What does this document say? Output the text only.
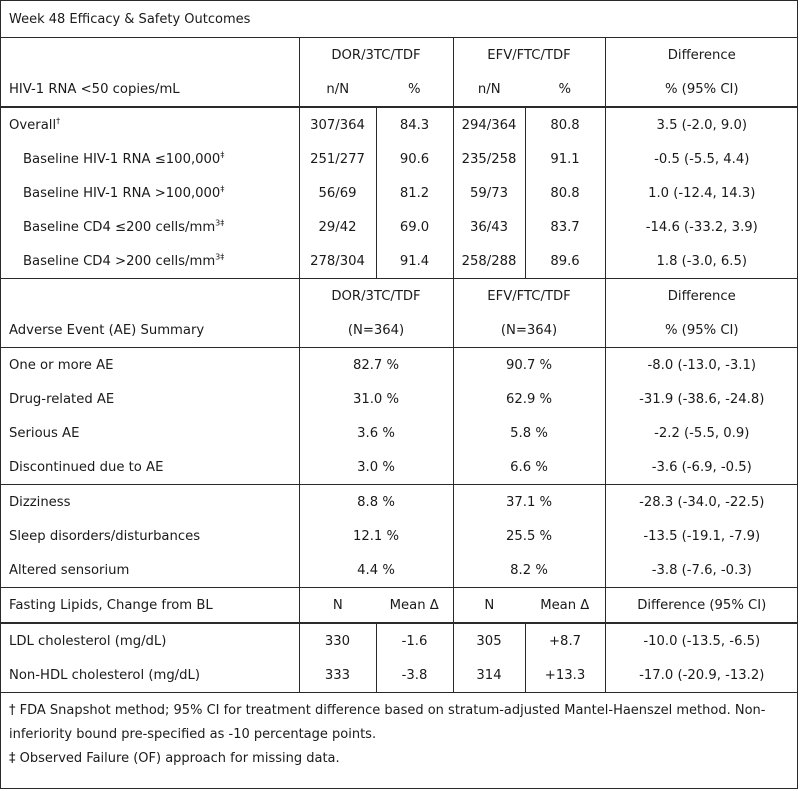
Week 48 Efficacy & Safety Outcomes
	DOR/3TC/TDF		EFV/FTC/TDF		Difference
HIV-1 RNA <50 copies/mL	n/N	%	n/N	%	% (95% CI)
Overall†	307/364	84.3	294/364	80.8	3.5 (-2.0, 9.0)
Baseline HIV-1 RNA ≤100,000‡	251/277	90.6	235/258	91.1	-0.5 (-5.5, 4.4)
Baseline HIV-1 RNA >100,000‡	56/69	81.2	59/73	80.8	1.0 (-12.4, 14.3)
Baseline CD4 ≤200 cells/$mm^{3\ddagger}$	29/42	69.0	36/43	83.7	-14.6 (-33.2, 3.9)
Baseline CD4 >200 cells/$mm^{3\ddagger}$	278/304	91.4	258/288	89.6	1.8 (-3.0, 6.5)
	DOR/3TC/TDF		EFV/FTC/TDF		Difference
Adverse Event (AE) Summary	(N=364)		(N=364)		% (95% CI)
One or more AE	82.7 %		90.7 %		-8.0 (-13.0, -3.1)
Drug-related AE	31.0 %		62.9 %		-31.9 (-38.6, -24.8)
Serious AE	3.6 %		5.8 %		-2.2 (-5.5, 0.9)
Discontinued due to AE	3.0 %		6.6 %		-3.6 (-6.9, -0.5)
Dizziness	8.8 %		37.1 %		-28.3 (-34.0, -22.5)
Sleep disorders/disturbances	12.1 %		25.5 %		-13.5 (-19.1, -7.9)
Altered sensorium	4.4 %		8.2 %		-3.8 (-7.6, -0.3)
Fasting Lipids, Change from BL	N	Mean Δ	N	Mean Δ	Difference (95% CI)
LDL cholesterol (mg/dL)	330	-1.6	305	+8.7	-10.0 (-13.5, -6.5)
Non-HDL cholesterol (mg/dL)	333	-3.8	314	+13.3	-17.0 (-20.9, -13.2)

† FDA Snapshot method; 95% CI for treatment difference based on stratum-adjusted Mantel-Haenszel method. Non-inferiority bound pre-specified as -10 percentage points.

‡ Observed Failure (OF) approach for missing data.
